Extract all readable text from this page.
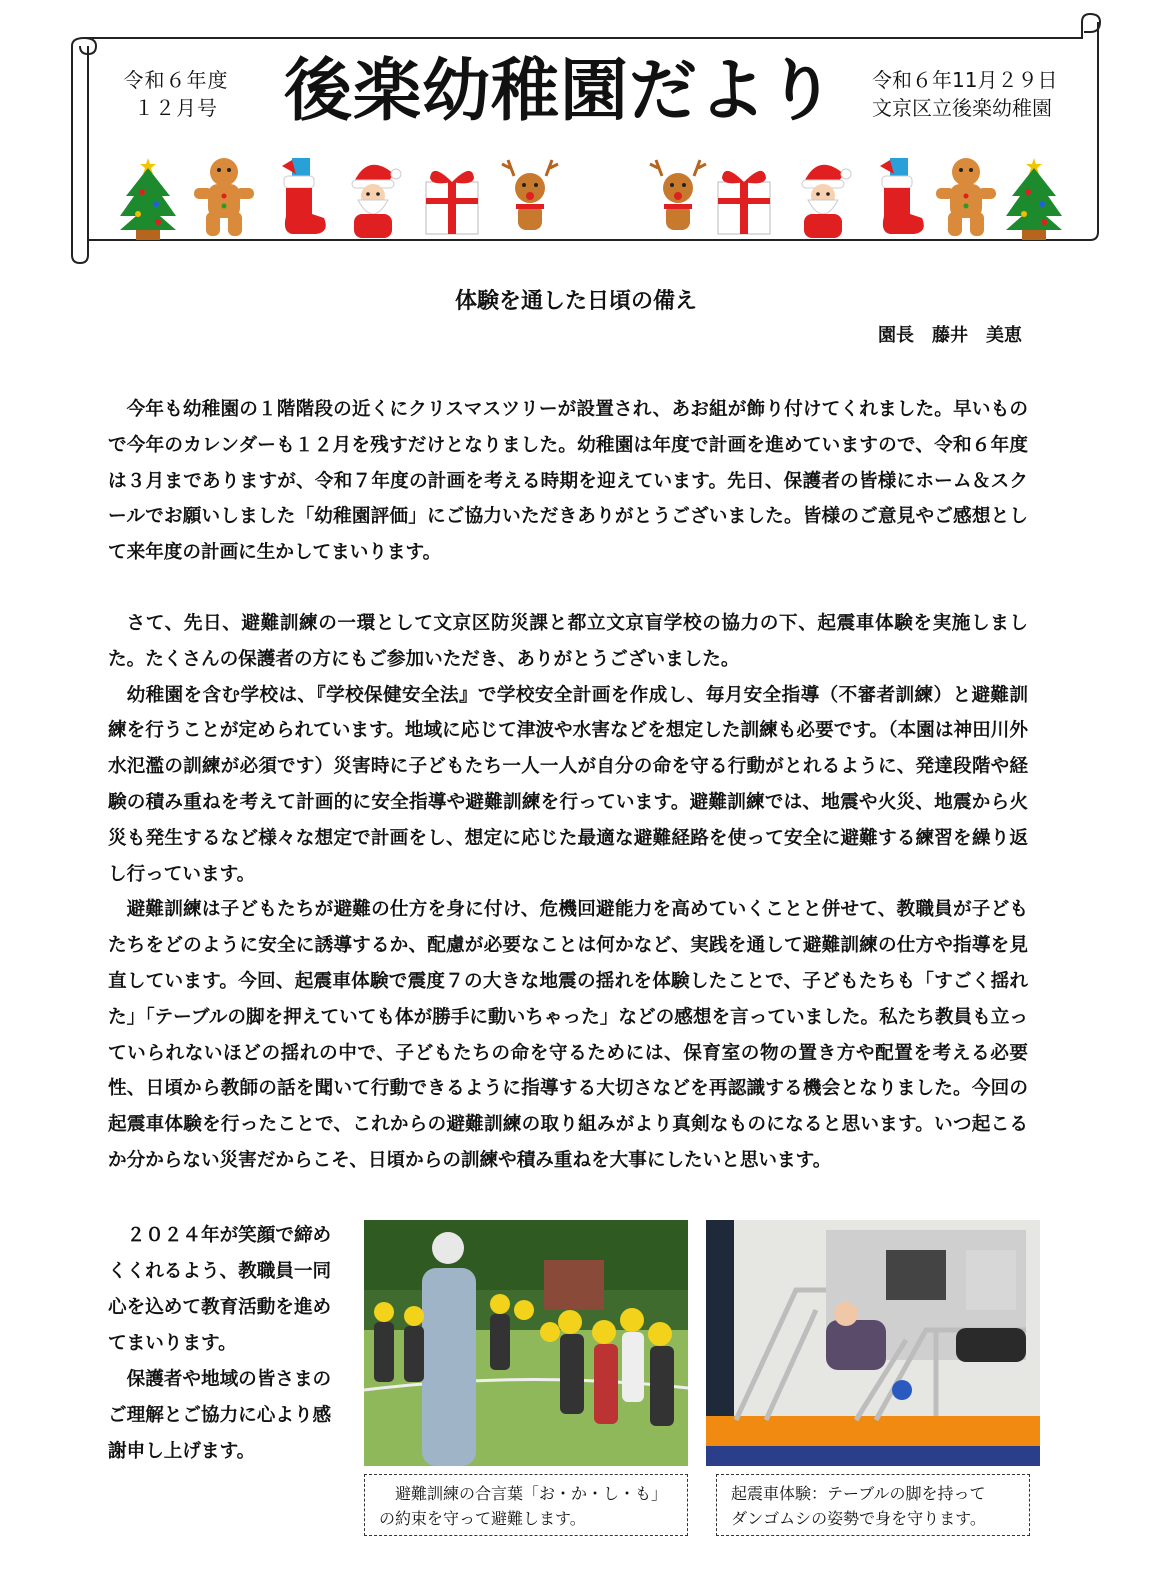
令和６年度
１２月号 後楽幼稚園だより	令和６年11月２９日
文京区立後楽幼稚園
体験を通した日頃の備え
園長　藤井　美恵

今年も幼稚園の１階階段の近くにクリスマスツリーが設置され、あお組が飾り付けてくれました。早いもので今年のカレンダーも１２月を残すだけとなりました。幼稚園は年度で計画を進めていますので、令和６年度は３月までありますが、令和７年度の計画を考える時期を迎えています。先日、保護者の皆様にホーム＆スクールでお願いしました「幼稚園評価」にご協力いただきありがとうございました。皆様のご意見やご感想として来年度の計画に生かしてまいります。

さて、先日、避難訓練の一環として文京区防災課と都立文京盲学校の協力の下、起震車体験を実施しました。たくさんの保護者の方にもご参加いただき、ありがとうございました。

幼稚園を含む学校は、『学校保健安全法』で学校安全計画を作成し、毎月安全指導（不審者訓練）と避難訓練を行うことが定められています。地域に応じて津波や水害などを想定した訓練も必要です。（本園は神田川外水氾濫の訓練が必須です）災害時に子どもたち一人一人が自分の命を守る行動がとれるように、発達段階や経験の積み重ねを考えて計画的に安全指導や避難訓練を行っています。避難訓練では、地震や火災、地震から火災も発生するなど様々な想定で計画をし、想定に応じた最適な避難経路を使って安全に避難する練習を繰り返し行っています。

避難訓練は子どもたちが避難の仕方を身に付け、危機回避能力を高めていくことと併せて、教職員が子どもたちをどのように安全に誘導するか、配慮が必要なことは何かなど、実践を通して避難訓練の仕方や指導を見直しています。今回、起震車体験で震度７の大きな地震の揺れを体験したことで、子どもたちも「すごく揺れた」「テーブルの脚を押えていても体が勝手に動いちゃった」などの感想を言っていました。私たち教員も立っていられないほどの揺れの中で、子どもたちの命を守るためには、保育室の物の置き方や配置を考える必要性、日頃から教師の話を聞いて行動できるように指導する大切さなどを再認識する機会となりました。今回の起震車体験を行ったことで、これからの避難訓練の取り組みがより真剣なものになると思います。いつ起こるか分からない災害だからこそ、日頃からの訓練や積み重ねを大事にしたいと思います。

２０２４年が笑顔で締めくくれるよう、教職員一同心を込めて教育活動を進めてまいります。

保護者や地域の皆さまのご理解とご協力に心より感謝申し上げます。

避難訓練の合言葉「お・か・し・も」
の約束を守って避難します。
起震車体験：テーブルの脚を持って
ダンゴムシの姿勢で身を守ります。
